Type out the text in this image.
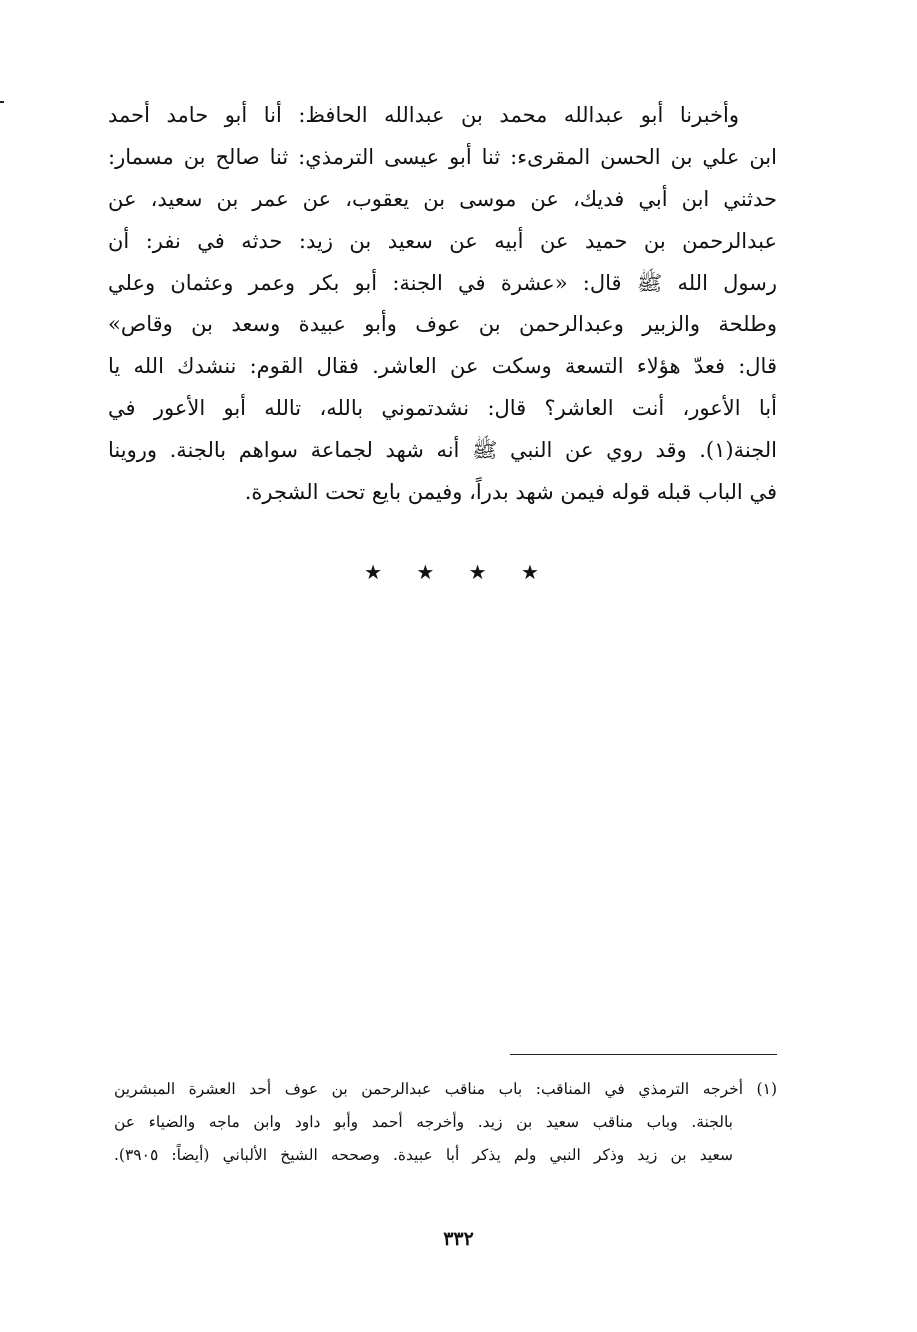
وأخبرنا أبو عبدالله محمد بن عبدالله الحافظ: أنا أبو حامد أحمد
ابن علي بن الحسن المقرىء: ثنا أبو عيسى الترمذي: ثنا صالح بن مسمار:
حدثني ابن أبي فديك، عن موسى بن يعقوب، عن عمر بن سعيد، عن
عبدالرحمن بن حميد عن أبيه عن سعيد بن زيد: حدثه في نفر: أن
رسول الله ﷺ قال: «عشرة في الجنة: أبو بكر وعمر وعثمان وعلي
وطلحة والزبير وعبدالرحمن بن عوف وأبو عبيدة وسعد بن وقاص»
قال: فعدّ هؤلاء التسعة وسكت عن العاشر. فقال القوم: ننشدك الله يا
أبا الأعور، أنت العاشر؟ قال: نشدتموني بالله، تالله أبو الأعور في
الجنة(١). وقد روي عن النبي ﷺ أنه شهد لجماعة سواهم بالجنة. وروينا
في الباب قبله قوله فيمن شهد بدراً، وفيمن بايع تحت الشجرة.
★ ★ ★ ★
(١) أخرجه الترمذي في المناقب: باب مناقب عبدالرحمن بن عوف أحد العشرة المبشرين
بالجنة. وباب مناقب سعيد بن زيد. وأخرجه أحمد وأبو داود وابن ماجه والضياء عن
سعيد بن زيد وذكر النبي ولم يذكر أبا عبيدة. وصححه الشيخ الألباني (أيضاً: ٣٩٠٥).
٣٣٢
